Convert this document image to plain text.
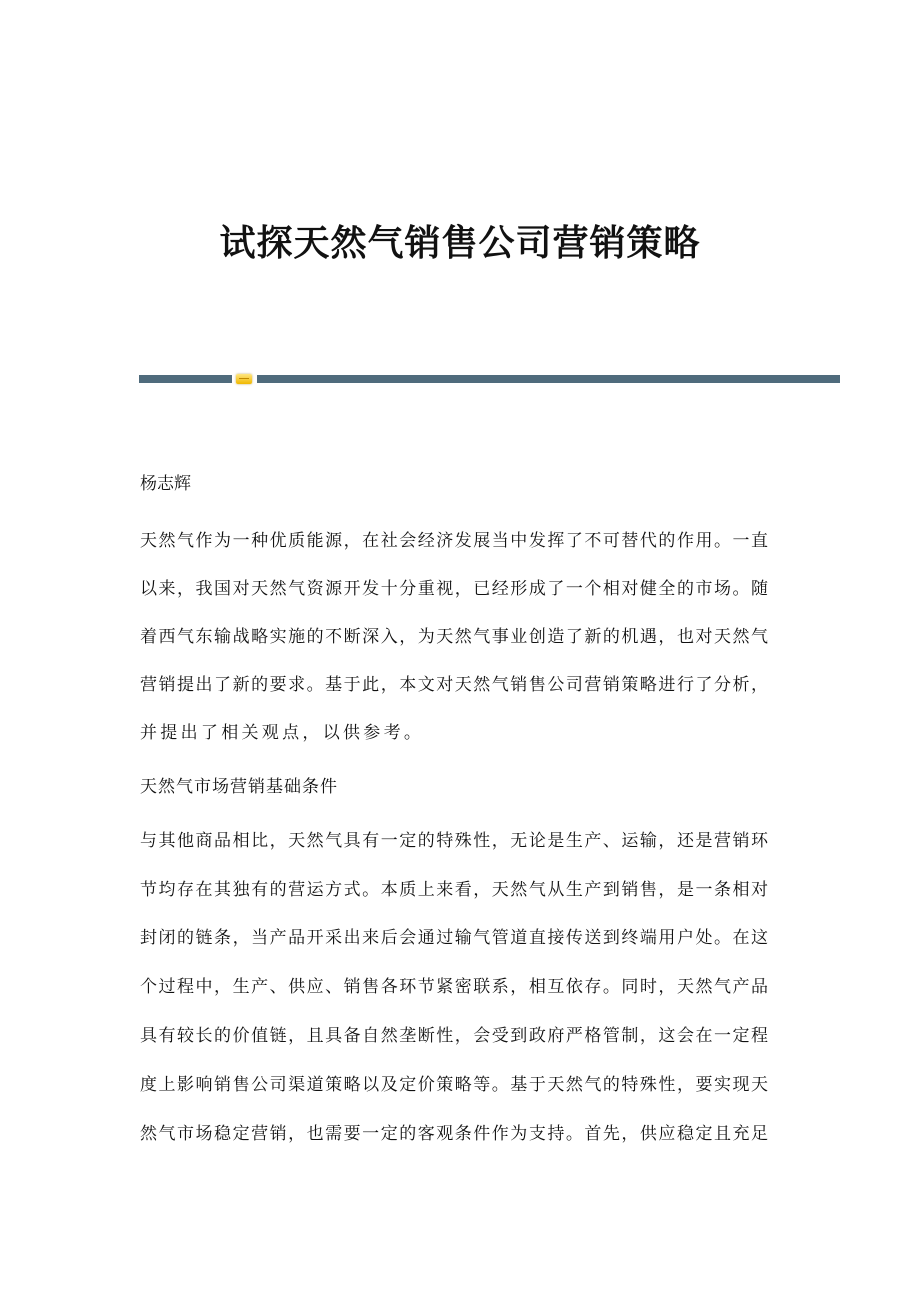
试探天然气销售公司营销策略
杨志辉
天然气作为一种优质能源，在社会经济发展当中发挥了不可替代的作用。一直
以来，我国对天然气资源开发十分重视，已经形成了一个相对健全的市场。随
着西气东输战略实施的不断深入，为天然气事业创造了新的机遇，也对天然气
营销提出了新的要求。基于此，本文对天然气销售公司营销策略进行了分析，
并提出了相关观点，以供参考。
天然气市场营销基础条件
与其他商品相比，天然气具有一定的特殊性，无论是生产、运输，还是营销环
节均存在其独有的营运方式。本质上来看，天然气从生产到销售，是一条相对
封闭的链条，当产品开采出来后会通过输气管道直接传送到终端用户处。在这
个过程中，生产、供应、销售各环节紧密联系，相互依存。同时，天然气产品
具有较长的价值链，且具备自然垄断性，会受到政府严格管制，这会在一定程
度上影响销售公司渠道策略以及定价策略等。基于天然气的特殊性，要实现天
然气市场稳定营销，也需要一定的客观条件作为支持。首先，供应稳定且充足
